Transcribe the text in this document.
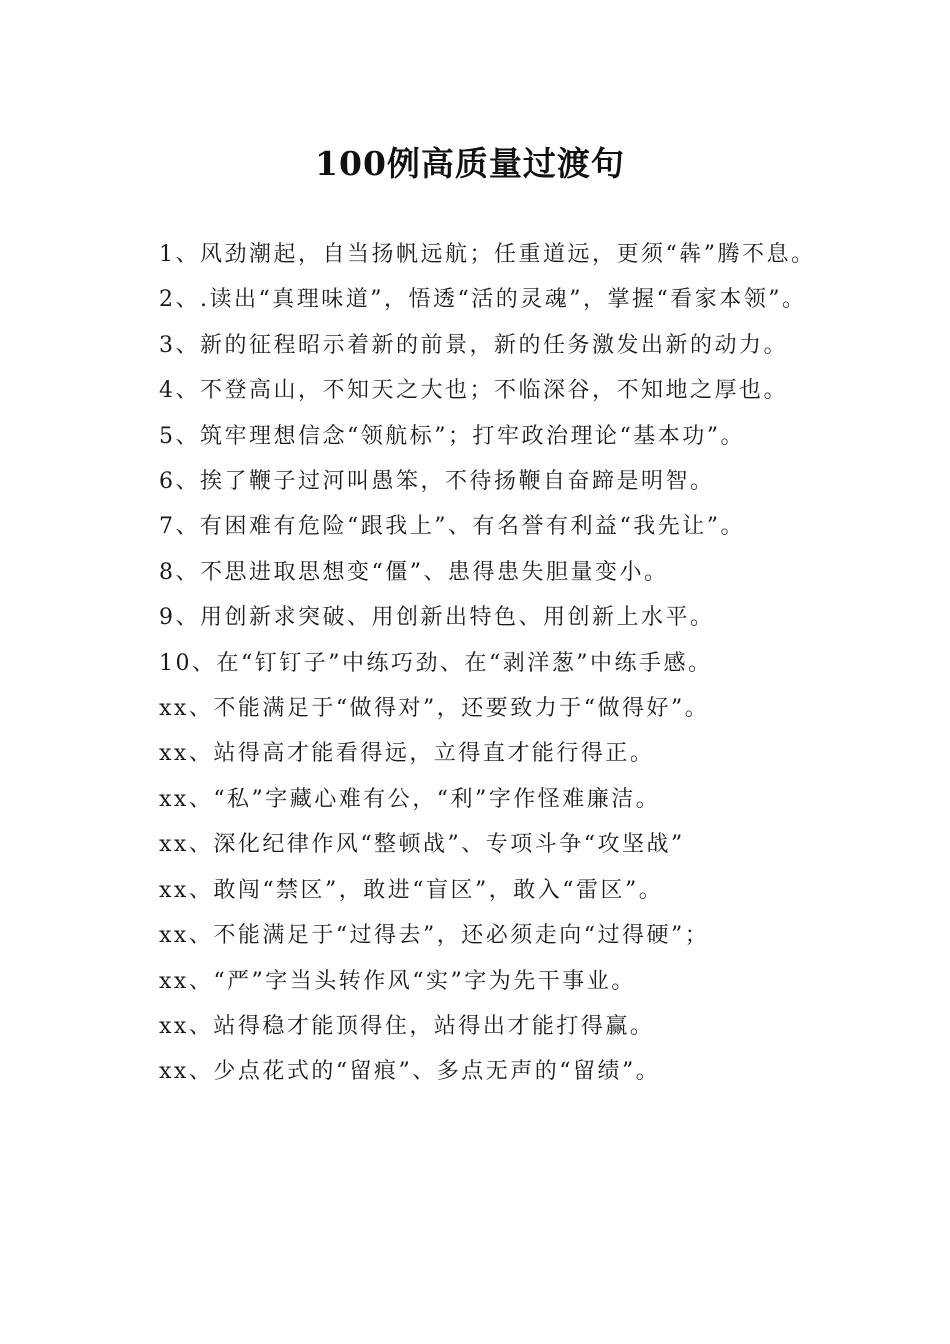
100例高质量过渡句

1、风劲潮起，自当扬帆远航；任重道远，更须“犇”腾不息。

2、.读出“真理味道”，悟透“活的灵魂”，掌握“看家本领”。

3、新的征程昭示着新的前景，新的任务激发出新的动力。

4、不登高山，不知天之大也；不临深谷，不知地之厚也。

5、筑牢理想信念“领航标”；打牢政治理论“基本功”。

6、挨了鞭子过河叫愚笨，不待扬鞭自奋蹄是明智。

7、有困难有危险“跟我上”、有名誉有利益“我先让”。

8、不思进取思想变“僵”、患得患失胆量变小。

9、用创新求突破、用创新出特色、用创新上水平。

10、在“钉钉子”中练巧劲、在“剥洋葱”中练手感。

xx、不能满足于“做得对”，还要致力于“做得好”。

xx、站得高才能看得远，立得直才能行得正。

xx、“私”字藏心难有公，“利”字作怪难廉洁。

xx、深化纪律作风“整顿战”、专项斗争“攻坚战”

xx、敢闯“禁区”，敢进“盲区”，敢入“雷区”。

xx、不能满足于“过得去”，还必须走向“过得硬”；

xx、“严”字当头转作风“实”字为先干事业。

xx、站得稳才能顶得住，站得出才能打得赢。

xx、少点花式的“留痕”、多点无声的“留绩”。
